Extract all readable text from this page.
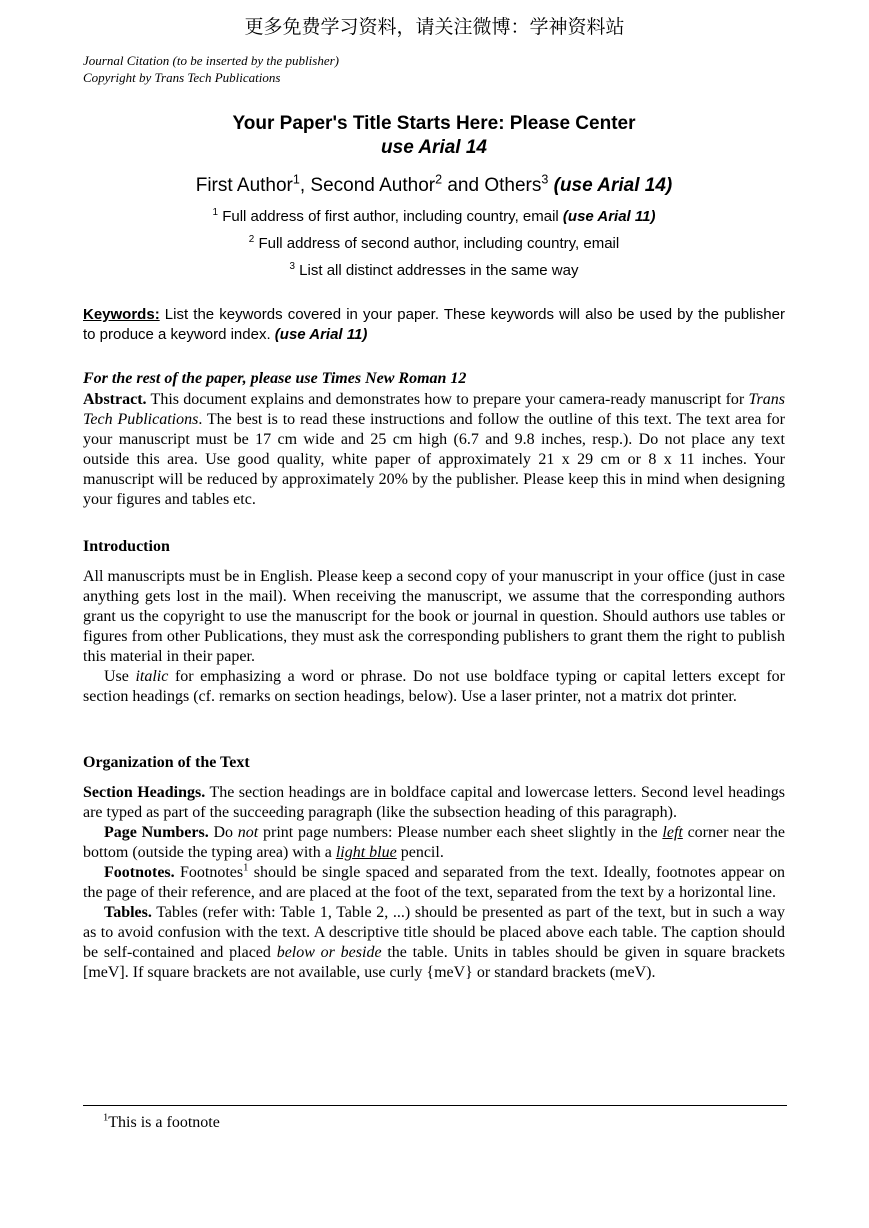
更多免费学习资料，请关注微博：学神资料站
Journal Citation (to be inserted by the publisher)
Copyright by Trans Tech Publications
Your Paper's Title Starts Here: Please Center
use Arial 14
First Author$^1$, Second Author$^2$ and Others$^3$ (use Arial 14)
$^1$ Full address of first author, including country, email (use Arial 11)
$^2$ Full address of second author, including country, email
$^3$ List all distinct addresses in the same way
Keywords: List the keywords covered in your paper. These keywords will also be used by the publisher to produce a keyword index. (use Arial 11)
For the rest of the paper, please use Times New Roman 12
Abstract. This document explains and demonstrates how to prepare your camera-ready manuscript for Trans Tech Publications. The best is to read these instructions and follow the outline of this text. The text area for your manuscript must be 17 cm wide and 25 cm high (6.7 and 9.8 inches, resp.). Do not place any text outside this area. Use good quality, white paper of approximately 21 x 29 cm or 8 x 11 inches. Your manuscript will be reduced by approximately 20% by the publisher. Please keep this in mind when designing your figures and tables etc.
Introduction

All manuscripts must be in English. Please keep a second copy of your manuscript in your office (just in case anything gets lost in the mail). When receiving the manuscript, we assume that the corresponding authors grant us the copyright to use the manuscript for the book or journal in question. Should authors use tables or figures from other Publications, they must ask the corresponding publishers to grant them the right to publish this material in their paper.

Use italic for emphasizing a word or phrase. Do not use boldface typing or capital letters except for section headings (cf. remarks on section headings, below). Use a laser printer, not a matrix dot printer.

Organization of the Text

Section Headings. The section headings are in boldface capital and lowercase letters. Second level headings are typed as part of the succeeding paragraph (like the subsection heading of this paragraph).

Page Numbers. Do not print page numbers: Please number each sheet slightly in the left corner near the bottom (outside the typing area) with a light blue pencil.

Footnotes. Footnotes$^1$ should be single spaced and separated from the text. Ideally, footnotes appear on the page of their reference, and are placed at the foot of the text, separated from the text by a horizontal line.

Tables. Tables (refer with: Table 1, Table 2, ...) should be presented as part of the text, but in such a way as to avoid confusion with the text. A descriptive title should be placed above each table. The caption should be self-contained and placed below or beside the table. Units in tables should be given in square brackets [meV]. If square brackets are not available, use curly {meV} or standard brackets (meV).

$^1$This is a footnote
